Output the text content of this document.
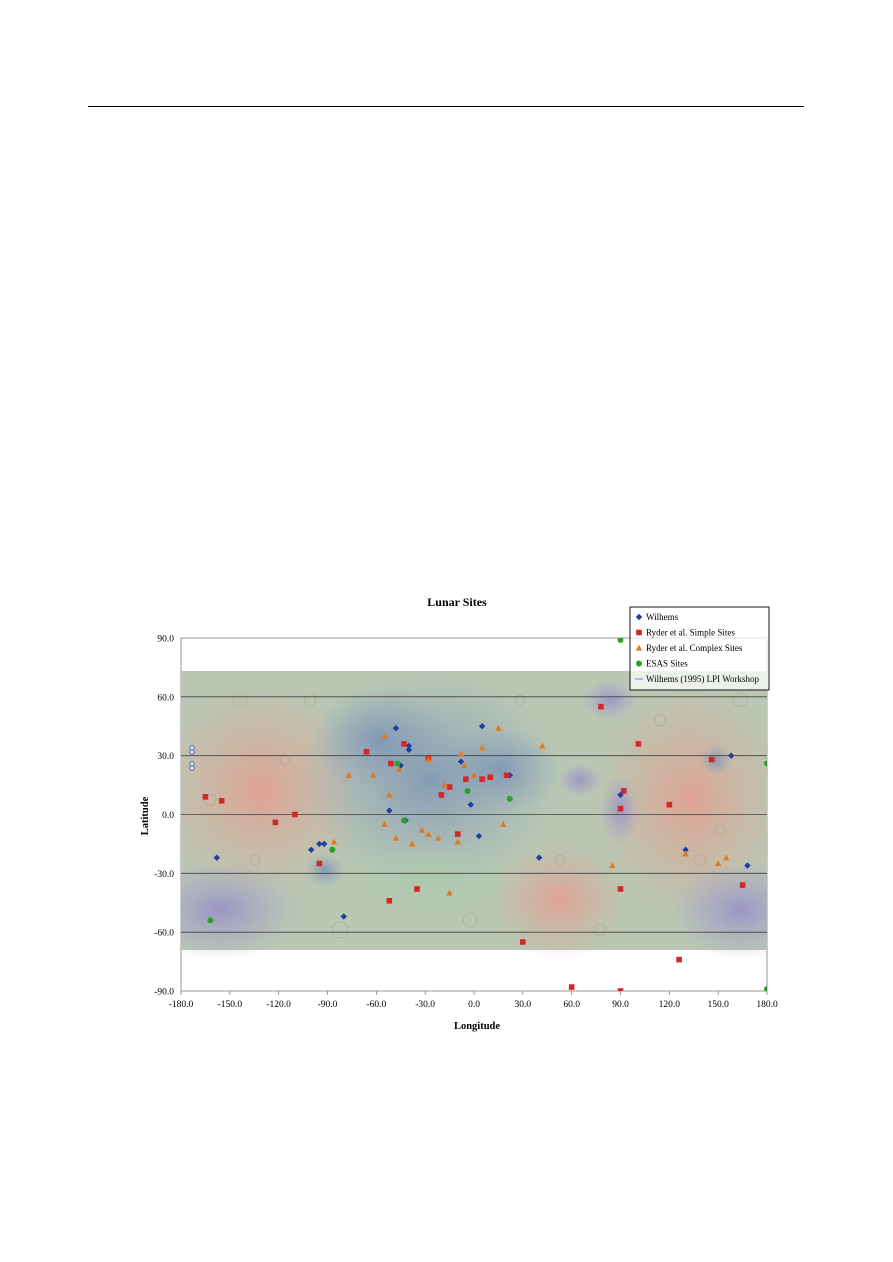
90.0
60.0
30.0
0.0
-30.0
-60.0
-90.0
-180.0	-150.0	-120.0	-90.0	-60.0	-30.0	0.0	30.0	60.0	90.0	120.0	150.0	180.0
Lunar Sites
Longitude
Latitude
Wilhems
Ryder et al. Simple Sites
Ryder et al. Complex Sites
ESAS Sites
Wilhems (1995) LPI Workshop
